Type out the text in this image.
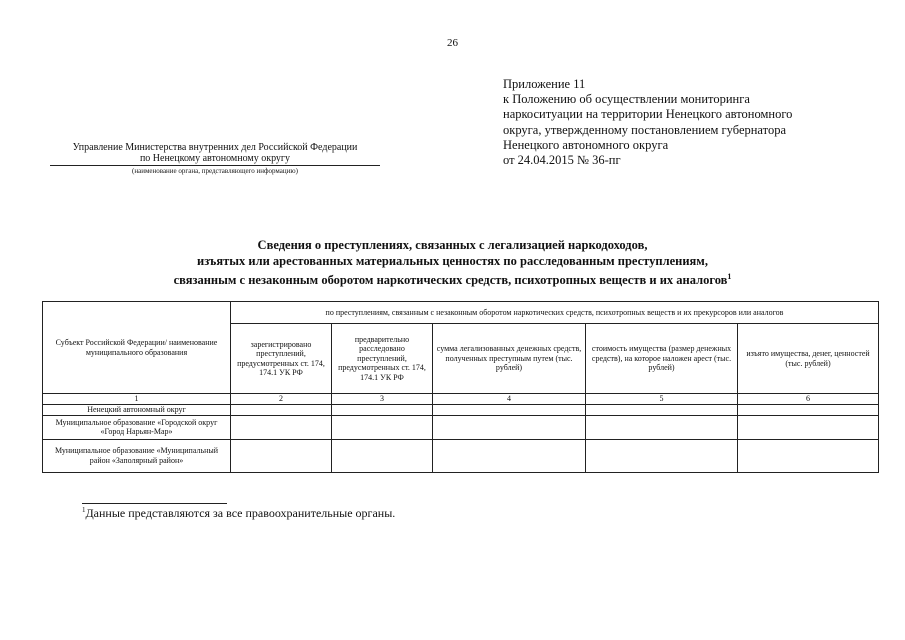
26
Приложение 11
к Положению об осуществлении мониторинга
наркоситуации на территории Ненецкого автономного
округа, утвержденному постановлением губернатора
Ненецкого автономного округа
от 24.04.2015 № 36-пг
Управление Министерства внутренних дел Российской Федерации
по Ненецкому автономному округу
(наименование органа, представляющего информацию)
Сведения о преступлениях, связанных с легализацией наркодоходов,
изъятых или арестованных материальных ценностях по расследованным преступлениям,
связанным с незаконным оборотом наркотических средств, психотропных веществ и их аналогов$^1$
Субъект Российской Федерации/ наименование муниципального образования	по преступлениям, связанным с незаконным оборотом наркотических средств, психотропных веществ и их прекурсоров или аналогов				
	зарегистрировано преступлений, предусмотренных ст. 174, 174.1 УК РФ	предварительно расследовано преступлений, предусмотренных ст. 174, 174.1 УК РФ	сумма легализованных денежных средств, полученных преступным путем (тыс. рублей)	стоимость имущества (размер денежных средств), на которое наложен арест (тыс. рублей)	изъято имущества, денег, ценностей (тыс. рублей)
1	2	3	4	5	6
Ненецкий автономный округ					
Муниципальное образование «Городской округ «Город Нарьян-Мар»					
Муниципальное образование «Муниципальный район «Заполярный район»					
$^1$Данные представляются за все правоохранительные органы.
